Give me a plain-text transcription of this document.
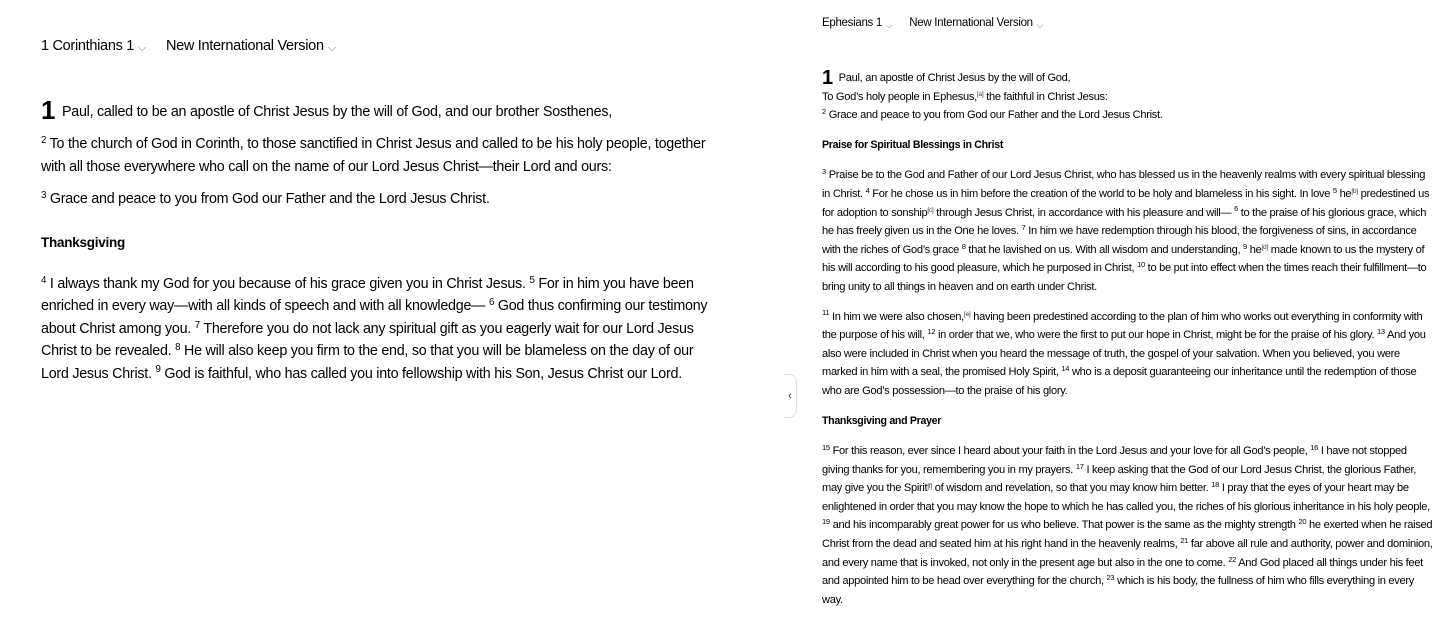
1 Corinthians 1 ⌵ New International Version ⌵

1 Paul, called to be an apostle of Christ Jesus by the will of God, and our brother Sosthenes,

$^2$ To the church of God in Corinth, to those sanctified in Christ Jesus and called to be his holy people, together with all those everywhere who call on the name of our Lord Jesus Christ—their Lord and ours:

$^3$ Grace and peace to you from God our Father and the Lord Jesus Christ.

Thanksgiving

$^4$ I always thank my God for you because of his grace given you in Christ Jesus. $^5$ For in him you have been enriched in every way—with all kinds of speech and with all knowledge— $^6$ God thus confirming our testimony about Christ among you. $^7$ Therefore you do not lack any spiritual gift as you eagerly wait for our Lord Jesus Christ to be revealed. $^8$ He will also keep you firm to the end, so that you will be blameless on the day of our Lord Jesus Christ. $^9$ God is faithful, who has called you into fellowship with his Son, Jesus Christ our Lord.

‹
Ephesians 1 ⌵ New International Version ⌵

1 Paul, an apostle of Christ Jesus by the will of God,

To God’s holy people in Ephesus,[a] the faithful in Christ Jesus:

$^2$ Grace and peace to you from God our Father and the Lord Jesus Christ.

Praise for Spiritual Blessings in Christ

$^3$ Praise be to the God and Father of our Lord Jesus Christ, who has blessed us in the heavenly realms with every spiritual blessing in Christ. $^4$ For he chose us in him before the creation of the world to be holy and blameless in his sight. In love $^5$ he[b] predestined us for adoption to sonship[c] through Jesus Christ, in accordance with his pleasure and will— $^6$ to the praise of his glorious grace, which he has freely given us in the One he loves. $^7$ In him we have redemption through his blood, the forgiveness of sins, in accordance with the riches of God’s grace $^8$ that he lavished on us. With all wisdom and understanding, $^9$ he[d] made known to us the mystery of his will according to his good pleasure, which he purposed in Christ, $^{10}$ to be put into effect when the times reach their fulfillment—to bring unity to all things in heaven and on earth under Christ.

$^{11}$ In him we were also chosen,[e] having been predestined according to the plan of him who works out everything in conformity with the purpose of his will, $^{12}$ in order that we, who were the first to put our hope in Christ, might be for the praise of his glory. $^{13}$ And you also were included in Christ when you heard the message of truth, the gospel of your salvation. When you believed, you were marked in him with a seal, the promised Holy Spirit, $^{14}$ who is a deposit guaranteeing our inheritance until the redemption of those who are God’s possession—to the praise of his glory.

Thanksgiving and Prayer

$^{15}$ For this reason, ever since I heard about your faith in the Lord Jesus and your love for all God’s people, $^{16}$ I have not stopped giving thanks for you, remembering you in my prayers. $^{17}$ I keep asking that the God of our Lord Jesus Christ, the glorious Father, may give you the Spirit[f] of wisdom and revelation, so that you may know him better. $^{18}$ I pray that the eyes of your heart may be enlightened in order that you may know the hope to which he has called you, the riches of his glorious inheritance in his holy people, $^{19}$ and his incomparably great power for us who believe. That power is the same as the mighty strength $^{20}$ he exerted when he raised Christ from the dead and seated him at his right hand in the heavenly realms, $^{21}$ far above all rule and authority, power and dominion, and every name that is invoked, not only in the present age but also in the one to come. $^{22}$ And God placed all things under his feet and appointed him to be head over everything for the church, $^{23}$ which is his body, the fullness of him who fills everything in every way.
